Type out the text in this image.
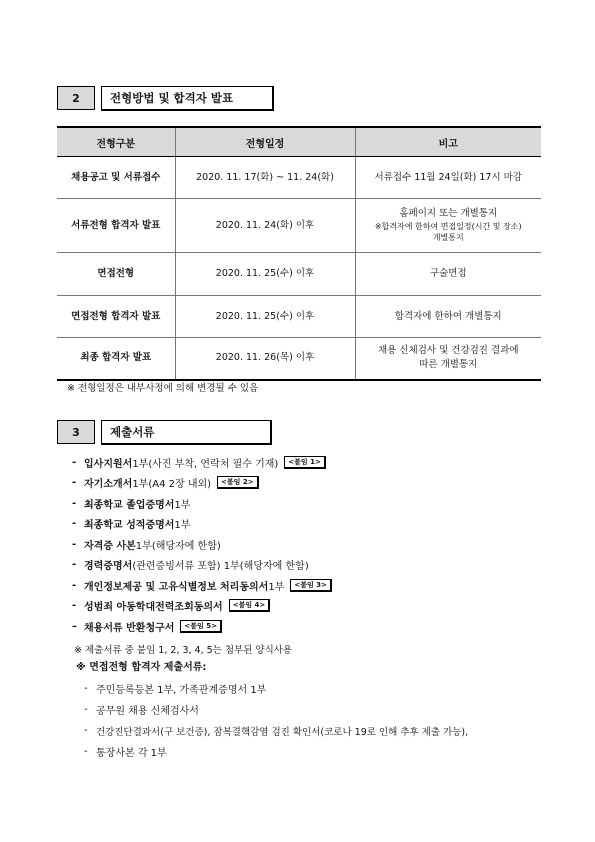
2	전형방법 및 합격자 발표
전형구분	전형일정	비고
채용공고 및 서류접수	2020. 11. 17(화) ~ 11. 24(화)	서류접수 11월 24일(화) 17시 마감
서류전형 합격자 발표	2020. 11. 24(화) 이후	홈페이지 또는 개별통지
※합격자에 한하여 면접일정(시간 및 장소)
개별통지

면접전형	2020. 11. 25(수) 이후	구술면접
면접전형 합격자 발표	2020. 11. 25(수) 이후	합격자에 한하여 개별통지
최종 합격자 발표	2020. 11. 26(목) 이후	채용 신체검사 및 건강검진 결과에
따른 개별통지
※ 전형일정은 내부사정에 의해 변경될 수 있음
3	제출서류
- 입사지원서 1부(사진 부착, 연락처 필수 기재)	<붙임 1>
- 자기소개서 1부(A4 2장 내외)	<붙임 2>
- 최종학교 졸업증명서 1부
- 최종학교 성적증명서 1부
- 자격증 사본 1부(해당자에 한함)
- 경력증명서 (관련증빙서류 포함) 1부(해당자에 한함)
- 개인정보제공 및 고유식별정보 처리동의서 1부	<붙임 3>
- 성범죄 아동학대전력조회동의서	<붙임 4>
– 채용서류 반환청구서	<붙임 5>
※ 제출서류 중 붙임 1, 2, 3, 4, 5는 첨부된 양식사용
※ 면접전형 합격자 제출서류:
- 주민등록등본 1부, 가족관계증명서 1부
- 공무원 채용 신체검사서
- 건강진단결과서(구 보건증), 잠복결핵감염 검진 확인서(코로나 19로 인해 추후 제출 가능),
- 통장사본 각 1부
